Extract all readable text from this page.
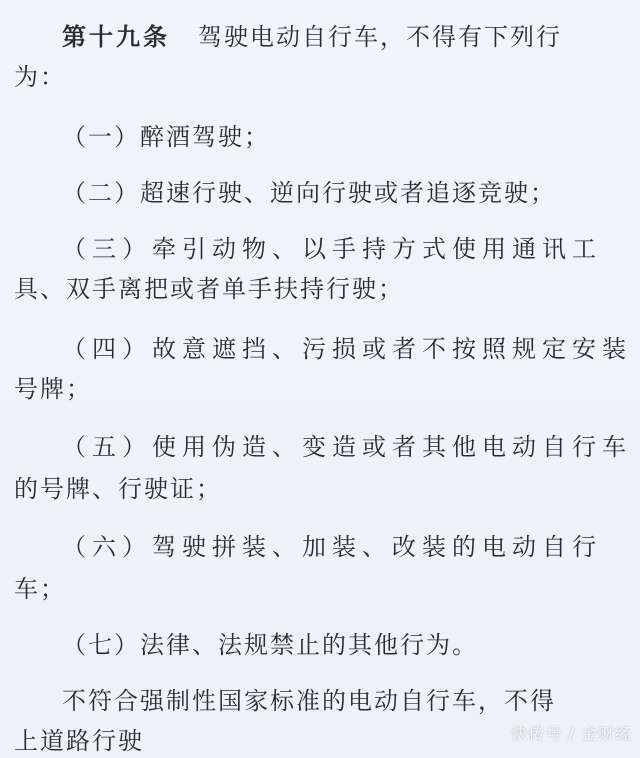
第十九条 驾驶电动自行车，不得有下列行
为：
（一）醉酒驾驶；
（二）超速行驶、逆向行驶或者追逐竞驶；
（三）牵引动物、以手持方式使用通讯工
具、双手离把或者单手扶持行驶；
（四）故意遮挡、污损或者不按照规定安装
号牌；
（五）使用伪造、变造或者其他电动自行车
的号牌、行驶证；
（六）驾驶拼装、加装、改装的电动自行
车；
（七）法律、法规禁止的其他行为。
不符合强制性国家标准的电动自行车，不得
上道路行驶	快传号 / 金财经
